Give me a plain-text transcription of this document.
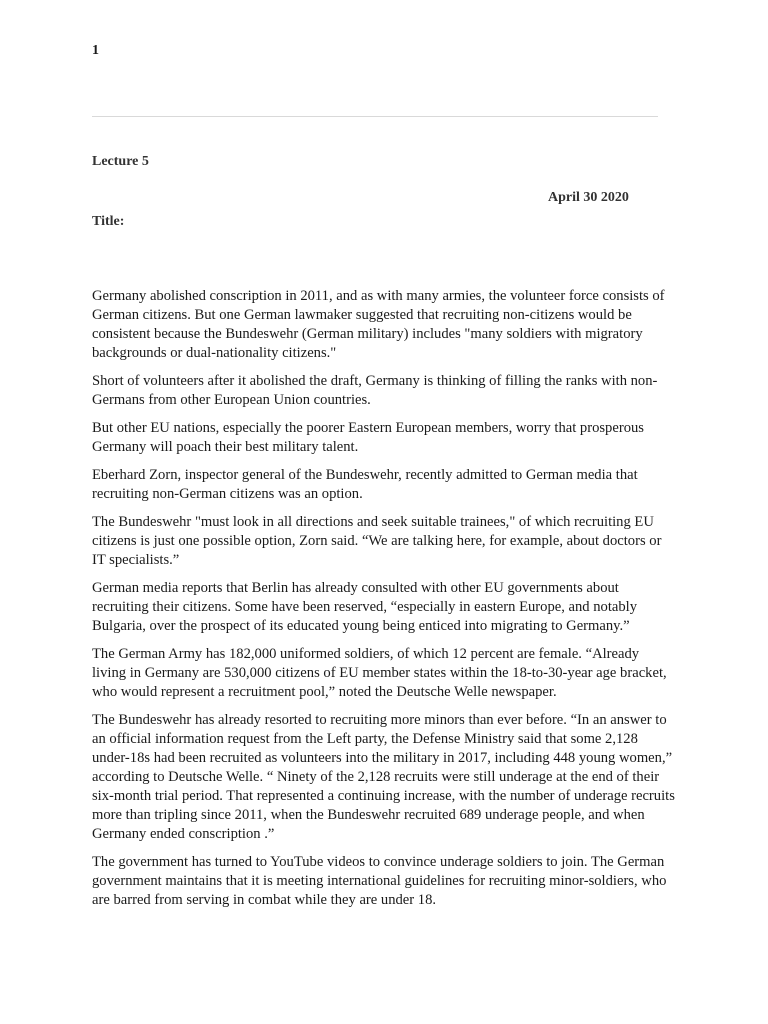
1
Lecture 5
April 30 2020
Title:

Germany abolished conscription in 2011, and as with many armies, the volunteer force consists of German citizens. But one German lawmaker suggested that recruiting non-citizens would be consistent because the Bundeswehr (German military) includes "many soldiers with migratory backgrounds or dual-nationality citizens."

Short of volunteers after it abolished the draft, Germany is thinking of filling the ranks with non-Germans from other European Union countries.

But other EU nations, especially the poorer Eastern European members, worry that prosperous Germany will poach their best military talent.

Eberhard Zorn, inspector general of the Bundeswehr, recently admitted to German media that recruiting non-German citizens was an option.

The Bundeswehr "must look in all directions and seek suitable trainees," of which recruiting EU citizens is just one possible option, Zorn said. “We are talking here, for example, about doctors or IT specialists.”

German media reports that Berlin has already consulted with other EU governments about recruiting their citizens. Some have been reserved, “especially in eastern Europe, and notably Bulgaria, over the prospect of its educated young being enticed into migrating to Germany.”

The German Army has 182,000 uniformed soldiers, of which 12 percent are female. “Already living in Germany are 530,000 citizens of EU member states within the 18-to-30-year age bracket, who would represent a recruitment pool,” noted the Deutsche Welle newspaper.

The Bundeswehr has already resorted to recruiting more minors than ever before. “In an answer to an official information request from the Left party, the Defense Ministry said that some 2,128 under-18s had been recruited as volunteers into the military in 2017, including 448 young women,” according to Deutsche Welle. “ Ninety of the 2,128 recruits were still underage at the end of their six-month trial period. That represented a continuing increase, with the number of underage recruits more than tripling since 2011, when the Bundeswehr recruited 689 underage people, and when Germany ended conscription .”

The government has turned to YouTube videos to convince underage soldiers to join. The German government maintains that it is meeting international guidelines for recruiting minor-soldiers, who are barred from serving in combat while they are under 18.
